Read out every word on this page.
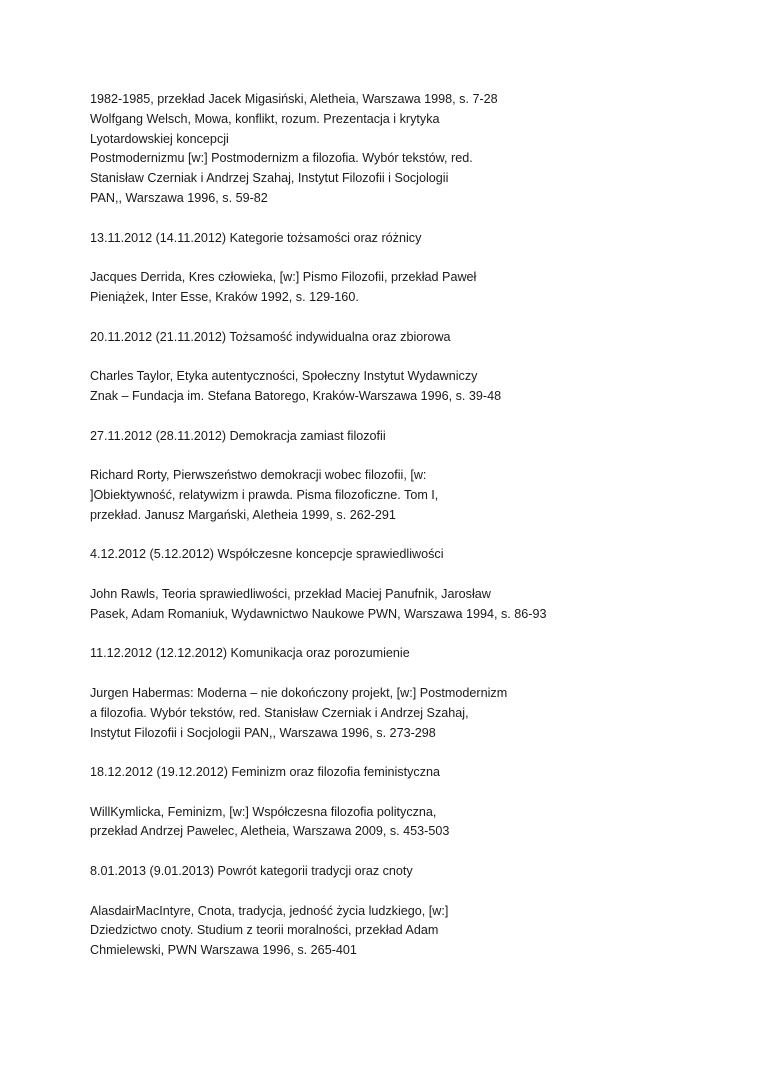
1982-1985, przekład Jacek Migasiński, Aletheia, Warszawa 1998, s. 7-28
Wolfgang Welsch, Mowa, konflikt, rozum. Prezentacja i krytyka
Lyotardowskiej koncepcji
Postmodernizmu [w:] Postmodernizm a filozofia. Wybór tekstów, red.
Stanisław Czerniak i Andrzej Szahaj, Instytut Filozofii i Socjologii
PAN,, Warszawa 1996, s. 59-82
13.11.2012 (14.11.2012) Kategorie tożsamości oraz różnicy
Jacques Derrida, Kres człowieka, [w:] Pismo Filozofii, przekład Paweł
Pieniążek, Inter Esse, Kraków 1992, s. 129-160.
20.11.2012 (21.11.2012) Tożsamość indywidualna oraz zbiorowa
Charles Taylor, Etyka autentyczności, Społeczny Instytut Wydawniczy
Znak – Fundacja im. Stefana Batorego, Kraków-Warszawa 1996, s. 39-48
27.11.2012 (28.11.2012) Demokracja zamiast filozofii
Richard Rorty, Pierwszeństwo demokracji wobec filozofii, [w:
]Obiektywność, relatywizm i prawda. Pisma filozoficzne. Tom I,
przekład. Janusz Margański, Aletheia 1999, s. 262-291
4.12.2012 (5.12.2012) Współczesne koncepcje sprawiedliwości
John Rawls, Teoria sprawiedliwości, przekład Maciej Panufnik, Jarosław
Pasek, Adam Romaniuk, Wydawnictwo Naukowe PWN, Warszawa 1994, s. 86-93
11.12.2012 (12.12.2012) Komunikacja oraz porozumienie
Jurgen Habermas: Moderna – nie dokończony projekt, [w:] Postmodernizm
a filozofia. Wybór tekstów, red. Stanisław Czerniak i Andrzej Szahaj,
Instytut Filozofii i Socjologii PAN,, Warszawa 1996, s. 273-298
18.12.2012 (19.12.2012) Feminizm oraz filozofia feministyczna
WillKymlicka, Feminizm, [w:] Współczesna filozofia polityczna,
przekład Andrzej Pawelec, Aletheia, Warszawa 2009, s. 453-503
8.01.2013 (9.01.2013) Powrót kategorii tradycji oraz cnoty
AlasdairMacIntyre, Cnota, tradycja, jedność życia ludzkiego, [w:]
Dziedzictwo cnoty. Studium z teorii moralności, przekład Adam
Chmielewski, PWN Warszawa 1996, s. 265-401
